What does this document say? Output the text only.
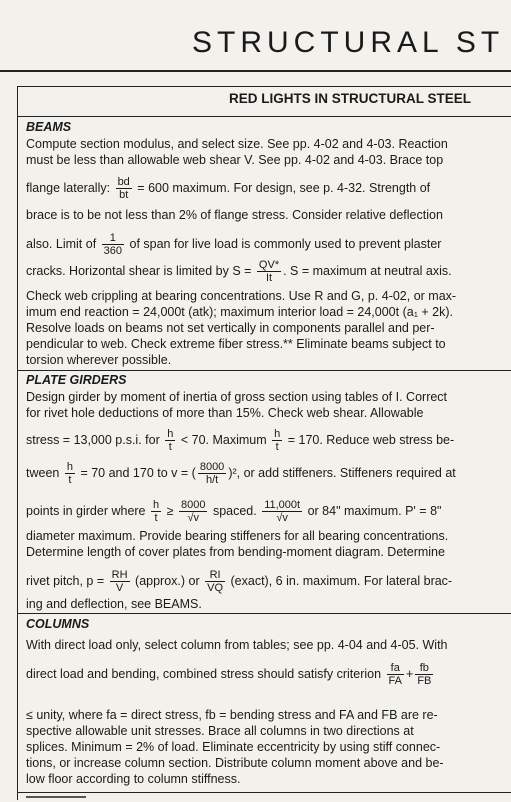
STRUCTURAL ST
RED LIGHTS IN STRUCTURAL STEEL
BEAMS
Compute section modulus, and select size. See pp. 4-02 and 4-03. Reaction
must be less than allowable web shear V. See pp. 4-02 and 4-03. Brace top
flange laterally: $\frac{bd}{bt} = 600$ maximum. For design, see p. 4-32. Strength of
brace is to be not less than 2% of flange stress. Consider relative deflection
also. Limit of $\frac{1}{360}$ of span for live load is commonly used to prevent plaster
cracks. Horizontal shear is limited by $S = \frac{QV*}{It}$ . S = maximum at neutral axis.
Check web crippling at bearing concentrations. Use R and G, p. 4-02, or max-
imum end reaction = 24,000t (atk); maximum interior load = 24,000t (a₁ + 2k).
Resolve loads on beams not set vertically in components parallel and per-
pendicular to web. Check extreme fiber stress.** Eliminate beams subject to
torsion wherever possible.
PLATE GIRDERS
Design girder by moment of inertia of gross section using tables of I. Correct
for rivet hole deductions of more than 15%. Check web shear. Allowable
stress = 13,000 p.s.i. for $\frac{h}{t} < 70$. Maximum $\frac{h}{t} = 170$. Reduce web stress be-
tween $\frac{h}{t} = 70$ and 170 to v = ( $\frac{8000}{h/t} )^2$, or add stiffeners. Stiffeners required at
points in girder where $\frac{h}{t} \ge \frac{8000}{√v}$ spaced. $\frac{11,000t}{√v}$ or 84" maximum. P' = 8"
diameter maximum. Provide bearing stiffeners for all bearing concentrations.
Determine length of cover plates from bending-moment diagram. Determine
rivet pitch, $p = \frac{RH}{V}$ (approx.) or $\frac{RI}{VQ}$ (exact), 6 in. maximum. For lateral brac-
ing and deflection, see BEAMS.
COLUMNS
With direct load only, select column from tables; see pp. 4-04 and 4-05. With
direct load and bending, combined stress should satisfy criterion $\frac{fa}{FA} + \frac{fb}{FB}$
≤ unity, where fa = direct stress, fb = bending stress and FA and FB are re-
spective allowable unit stresses. Brace all columns in two directions at
splices. Minimum = 2% of load. Eliminate eccentricity by using stiff connec-
tions, or increase column section. Distribute column moment above and be-
low floor according to column stiffness.
